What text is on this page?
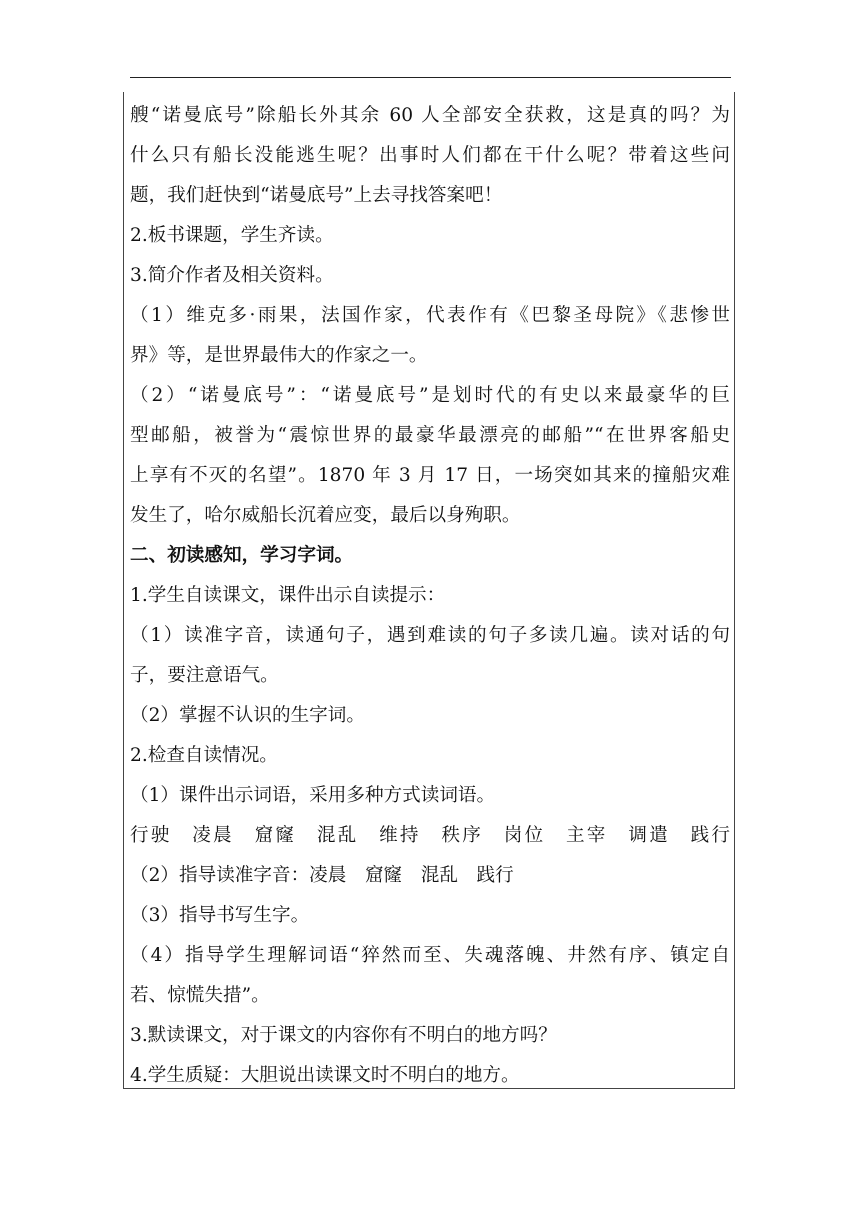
艘“诺曼底号”除船长外其余 60 人全部安全获救，这是真的吗？为
什么只有船长没能逃生呢？出事时人们都在干什么呢？带着这些问
题，我们赶快到“诺曼底号”上去寻找答案吧！
2.板书课题，学生齐读。
3.简介作者及相关资料。
（1）维克多·雨果，法国作家，代表作有《巴黎圣母院》《悲惨世
界》等，是世界最伟大的作家之一。
（2）“诺曼底号”：“诺曼底号”是划时代的有史以来最豪华的巨
型邮船，被誉为“震惊世界的最豪华最漂亮的邮船”“在世界客船史
上享有不灭的名望”。1870 年 3 月 17 日，一场突如其来的撞船灾难
发生了，哈尔威船长沉着应变，最后以身殉职。
二、初读感知，学习字词。
1.学生自读课文，课件出示自读提示：
（1）读准字音，读通句子，遇到难读的句子多读几遍。读对话的句
子，要注意语气。
（2）掌握不认识的生字词。
2.检查自读情况。
（1）课件出示词语，采用多种方式读词语。
行驶　凌晨　窟窿　混乱　维持　秩序　岗位　主宰　调遣　践行
（2）指导读准字音：凌晨　窟窿　混乱　践行
（3）指导书写生字。
（4）指导学生理解词语“猝然而至、失魂落魄、井然有序、镇定自
若、惊慌失措”。
3.默读课文，对于课文的内容你有不明白的地方吗？
4.学生质疑：大胆说出读课文时不明白的地方。
